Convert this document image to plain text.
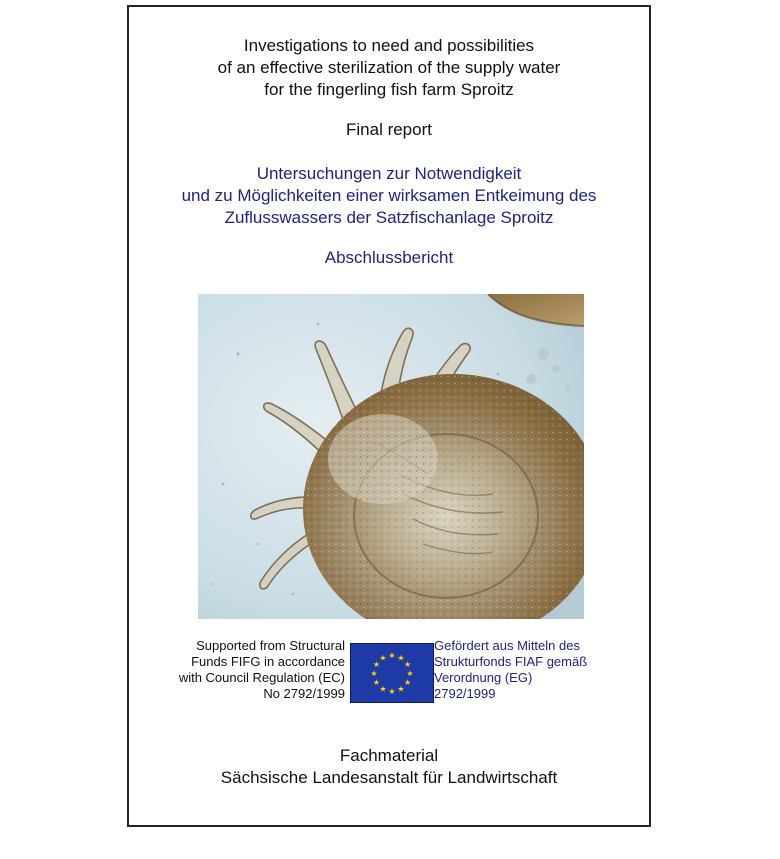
Investigations to need and possibilities
of an effective sterilization of the supply water
for the fingerling fish farm Sproitz
Final report
Untersuchungen zur Notwendigkeit
und zu Möglichkeiten einer wirksamen Entkeimung des
Zuflusswassers der Satzfischanlage Sproitz
Abschlussbericht
Supported from Structural
Funds FIFG in accordance
with Council Regulation (EC)
No 2792/1999
★ ★
★
★
★
★
★
★
★
★
★
★
Gefördert aus Mitteln des
Strukturfonds FIAF gemäß
Verordnung (EG)
2792/1999
Fachmaterial
Sächsische Landesanstalt für Landwirtschaft
